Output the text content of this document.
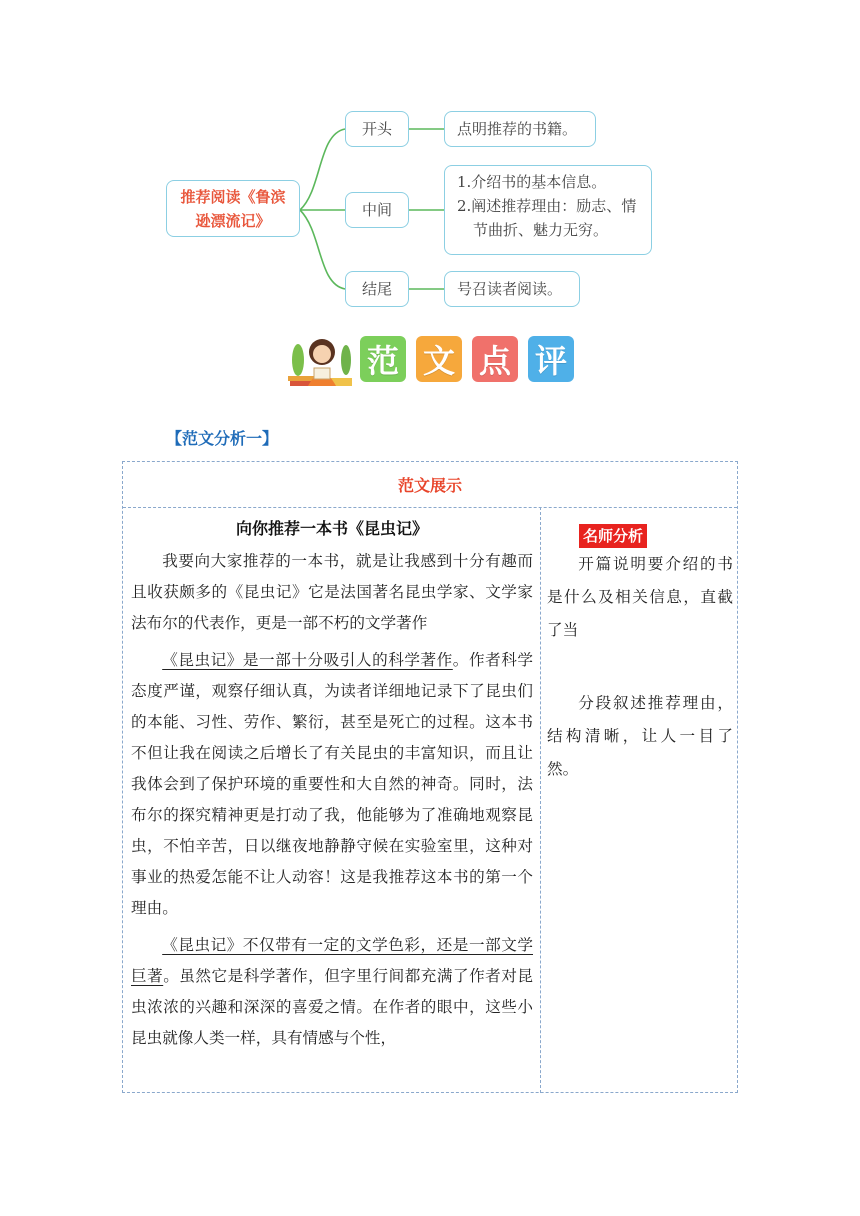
推荐阅读《鲁滨逊漂流记》
开头
中间
结尾
点明推荐的书籍。
1.介绍书的基本信息。
2.阐述推荐理由：励志、情
节曲折、魅力无穷。
号召读者阅读。
范 文 点 评
【范文分析一】
范文展示
向你推荐一本书《昆虫记》

我要向大家推荐的一本书，就是让我感到十分有趣而且收获颇多的《昆虫记》它是法国著名昆虫学家、文学家法布尔的代表作，更是一部不朽的文学著作

《昆虫记》是一部十分吸引人的科学著作。作者科学态度严谨，观察仔细认真，为读者详细地记录下了昆虫们的本能、习性、劳作、繁衍，甚至是死亡的过程。这本书不但让我在阅读之后增长了有关昆虫的丰富知识，而且让我体会到了保护环境的重要性和大自然的神奇。同时，法布尔的探究精神更是打动了我，他能够为了准确地观察昆虫，不怕辛苦，日以继夜地静静守候在实验室里，这种对事业的热爱怎能不让人动容！这是我推荐这本书的第一个理由。

《昆虫记》不仅带有一定的文学色彩，还是一部文学巨著。虽然它是科学著作，但字里行间都充满了作者对昆虫浓浓的兴趣和深深的喜爱之情。在作者的眼中，这些小昆虫就像人类一样，具有情感与个性，

名师分析

开篇说明要介绍的书是什么及相关信息，直截了当

分段叙述推荐理由，结构清晰，让人一目了然。
